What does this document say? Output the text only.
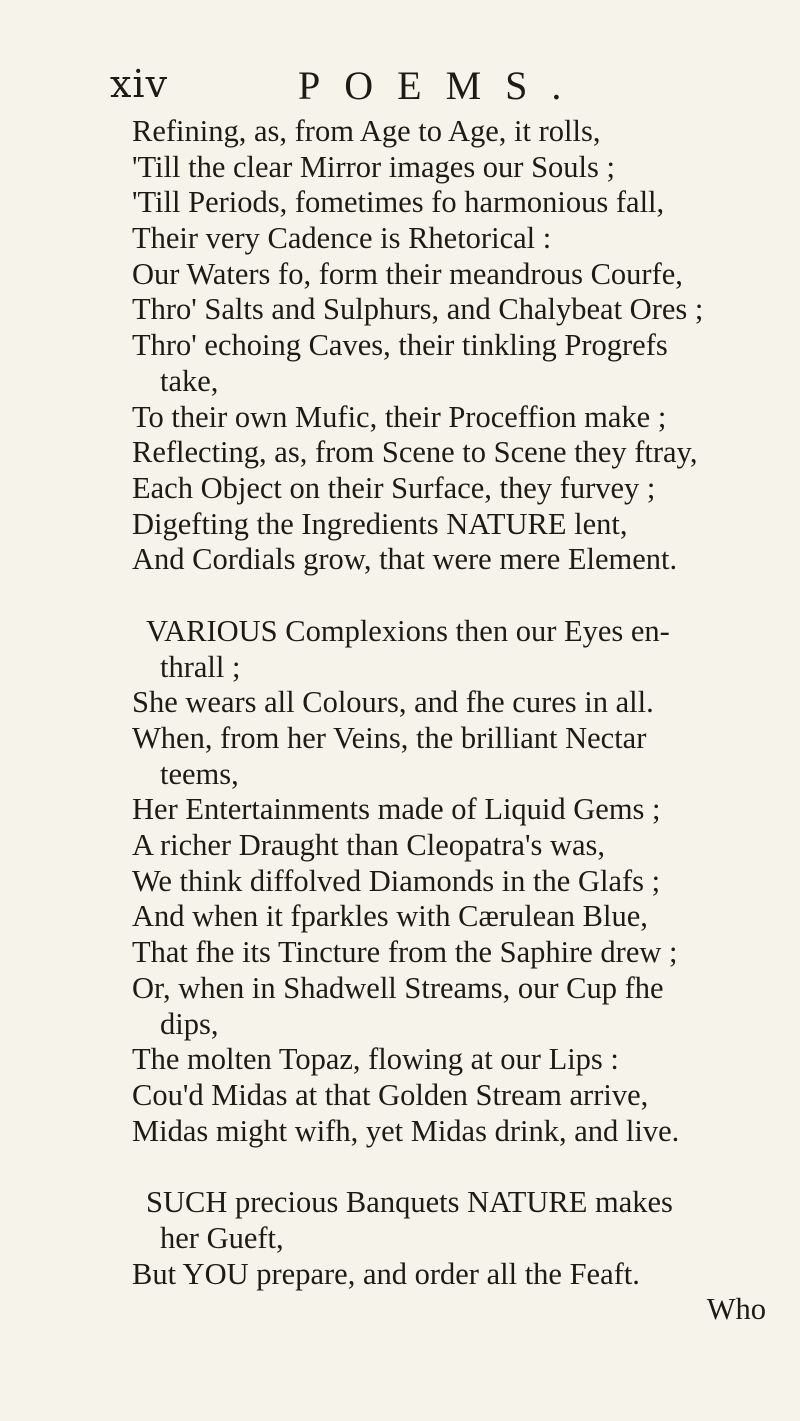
xiv	POEMS.
Refining, as, from Age to Age, it rolls,
'Till the clear Mirror images our Souls ;
'Till Periods, fometimes fo harmonious fall,
Their very Cadence is Rhetorical :
Our Waters fo, form their meandrous Courfe,
Thro' Salts and Sulphurs, and Chalybeat Ores ;
Thro' echoing Caves, their tinkling Progrefs
take,
To their own Mufic, their Proceffion make ;
Reflecting, as, from Scene to Scene they ftray,
Each Object on their Surface, they furvey ;
Digefting the Ingredients NATURE lent,
And Cordials grow, that were mere Element.
VARIOUS Complexions then our Eyes en-
thrall ;
She wears all Colours, and fhe cures in all.
When, from her Veins, the brilliant Nectar
teems,
Her Entertainments made of Liquid Gems ;
A richer Draught than Cleopatra's was,
We think diffolved Diamonds in the Glafs ;
And when it fparkles with Cærulean Blue,
That fhe its Tincture from the Saphire drew ;
Or, when in Shadwell Streams, our Cup fhe
dips,
The molten Topaz, flowing at our Lips :
Cou'd Midas at that Golden Stream arrive,
Midas might wifh, yet Midas drink, and live.
SUCH precious Banquets NATURE makes
her Gueft,
But YOU prepare, and order all the Feaft.
Who
